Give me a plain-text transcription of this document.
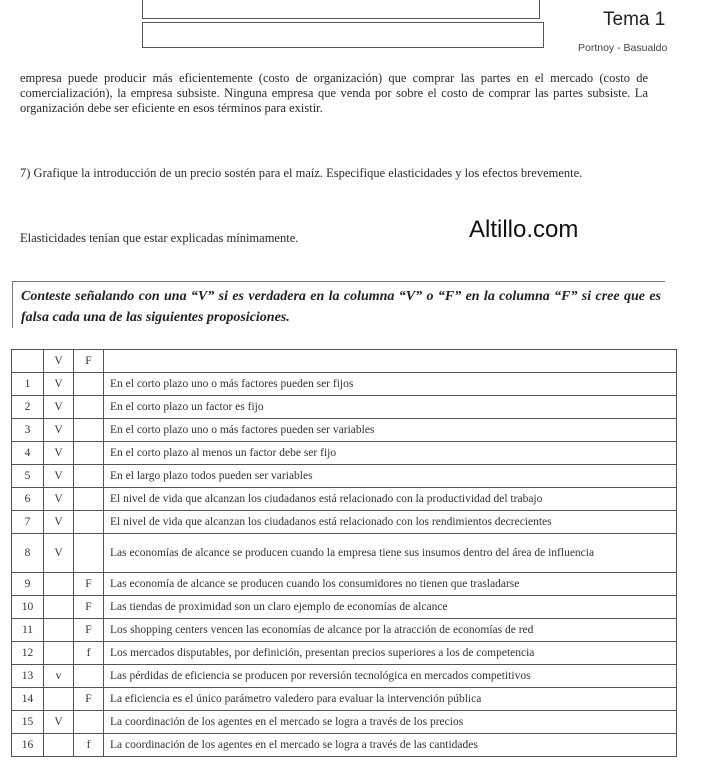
Tema 1
Portnoy - Basualdo
empresa puede producir más eficientemente (costo de organización) que comprar las partes en el mercado (costo de comercialización), la empresa subsiste. Ninguna empresa que venda por sobre el costo de comprar las partes subsiste. La organización debe ser eficiente en esos términos para existir.
7) Grafique la introducción de un precio sostén para el maíz. Especifique elasticidades y los efectos brevemente.
Elasticidades tenían que estar explicadas mínimamente.	Altillo.com
Conteste señalando con una “V” si es verdadera en la columna “V” o “F” en la columna “F” si cree que es falsa cada una de las siguientes proposiciones.
	V	F	
1	V		En el corto plazo uno o más factores pueden ser fijos
2	V		En el corto plazo un factor es fijo
3	V		En el corto plazo uno o más factores pueden ser variables
4	V		En el corto plazo al menos un factor debe ser fijo
5	V		En el largo plazo todos pueden ser variables
6	V		El nivel de vida que alcanzan los ciudadanos está relacionado con la productividad del trabajo
7	V		El nivel de vida que alcanzan los ciudadanos está relacionado con los rendimientos decrecientes
8	V		Las economías de alcance se producen cuando la empresa tiene sus insumos dentro del área de influencia
9		F	Las economía de alcance se producen cuando los consumidores no tienen que trasladarse
10		F	Las tiendas de proximidad son un claro ejemplo de economías de alcance
11		F	Los shopping centers vencen las economías de alcance por la atracción de economías de red
12		f	Los mercados disputables, por definición, presentan precios superiores a los de competencia
13	v		Las pérdidas de eficiencia se producen por reversión tecnológica en mercados competitivos
14		F	La eficiencia es el único parámetro valedero para evaluar la intervención pública
15	V		La coordinación de los agentes en el mercado se logra a través de los precios
16		f	La coordinación de los agentes en el mercado se logra a través de las cantidades
